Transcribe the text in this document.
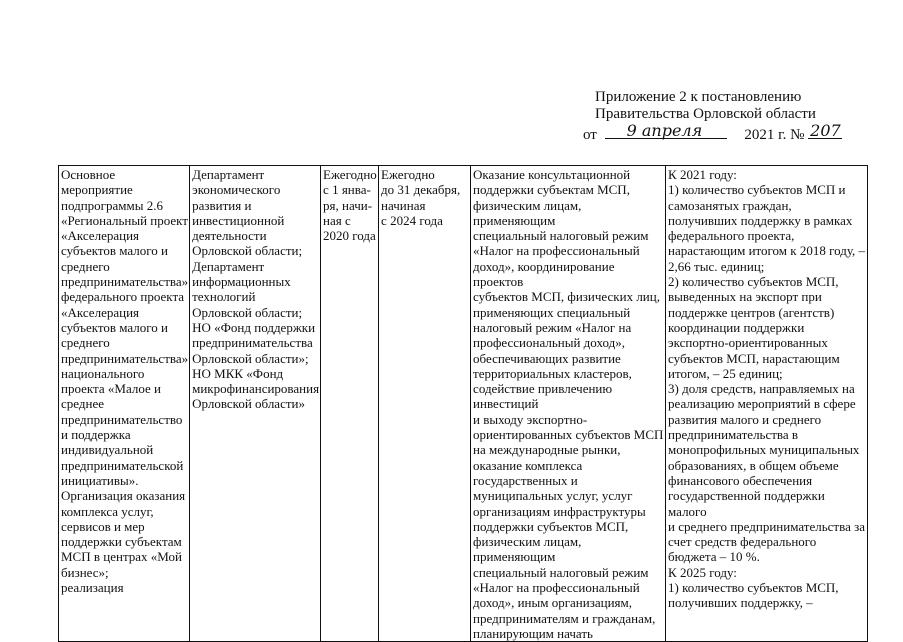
Приложение 2 к постановлению
Правительства Орловской области
от 9 апреля	2021 г. № 207
Основное
мероприятие
подпрограммы 2.6
«Региональный проект
«Акселерация
субъектов малого и
среднего
предпринимательства»
федерального проекта
«Акселерация
субъектов малого и
среднего
предпринимательства»
национального
проекта «Малое и
среднее
предпринимательство
и поддержка
индивидуальной
предпринимательской
инициативы».
Организация оказания
комплекса услуг,
сервисов и мер
поддержки субъектам
МСП в центрах «Мой
бизнес»;
реализация	Департамент
экономического
развития и
инвестиционной
деятельности
Орловской области;
Департамент
информационных
технологий
Орловской области;
НО «Фонд поддержки
предпринимательства
Орловской области»;
НО МКК «Фонд
микрофинансирования
Орловской области»	Ежегодно
с 1 янва-
ря, начи-
ная с
2020 года	Ежегодно
до 31 декабря,
начиная
с 2024 года	Оказание консультационной
поддержки субъектам МСП,
физическим лицам, применяющим
специальный налоговый режим
«Налог на профессиональный
доход», координирование проектов
субъектов МСП, физических лиц,
применяющих специальный
налоговый режим «Налог на
профессиональный доход»,
обеспечивающих развитие
территориальных кластеров,
содействие привлечению
инвестиций
и выходу экспортно-
ориентированных субъектов МСП
на международные рынки,
оказание комплекса
государственных и
муниципальных услуг, услуг
организациям инфраструктуры
поддержки субъектов МСП,
физическим лицам, применяющим
специальный налоговый режим
«Налог на профессиональный
доход», иным организациям,
предпринимателям и гражданам,
планирующим начать	К 2021 году:
1) количество субъектов МСП и
самозанятых граждан,
получивших поддержку в рамках
федерального проекта,
нарастающим итогом к 2018 году, –
2,66 тыс. единиц;
2) количество субъектов МСП,
выведенных на экспорт при
поддержке центров (агентств)
координации поддержки
экспортно-ориентированных
субъектов МСП, нарастающим
итогом, – 25 единиц;
3) доля средств, направляемых на
реализацию мероприятий в сфере
развития малого и среднего
предпринимательства в
монопрофильных муниципальных
образованиях, в общем объеме
финансового обеспечения
государственной поддержки малого
и среднего предпринимательства за
счет средств федерального
бюджета – 10 %.
К 2025 году:
1) количество субъектов МСП,
получивших поддержку, –
